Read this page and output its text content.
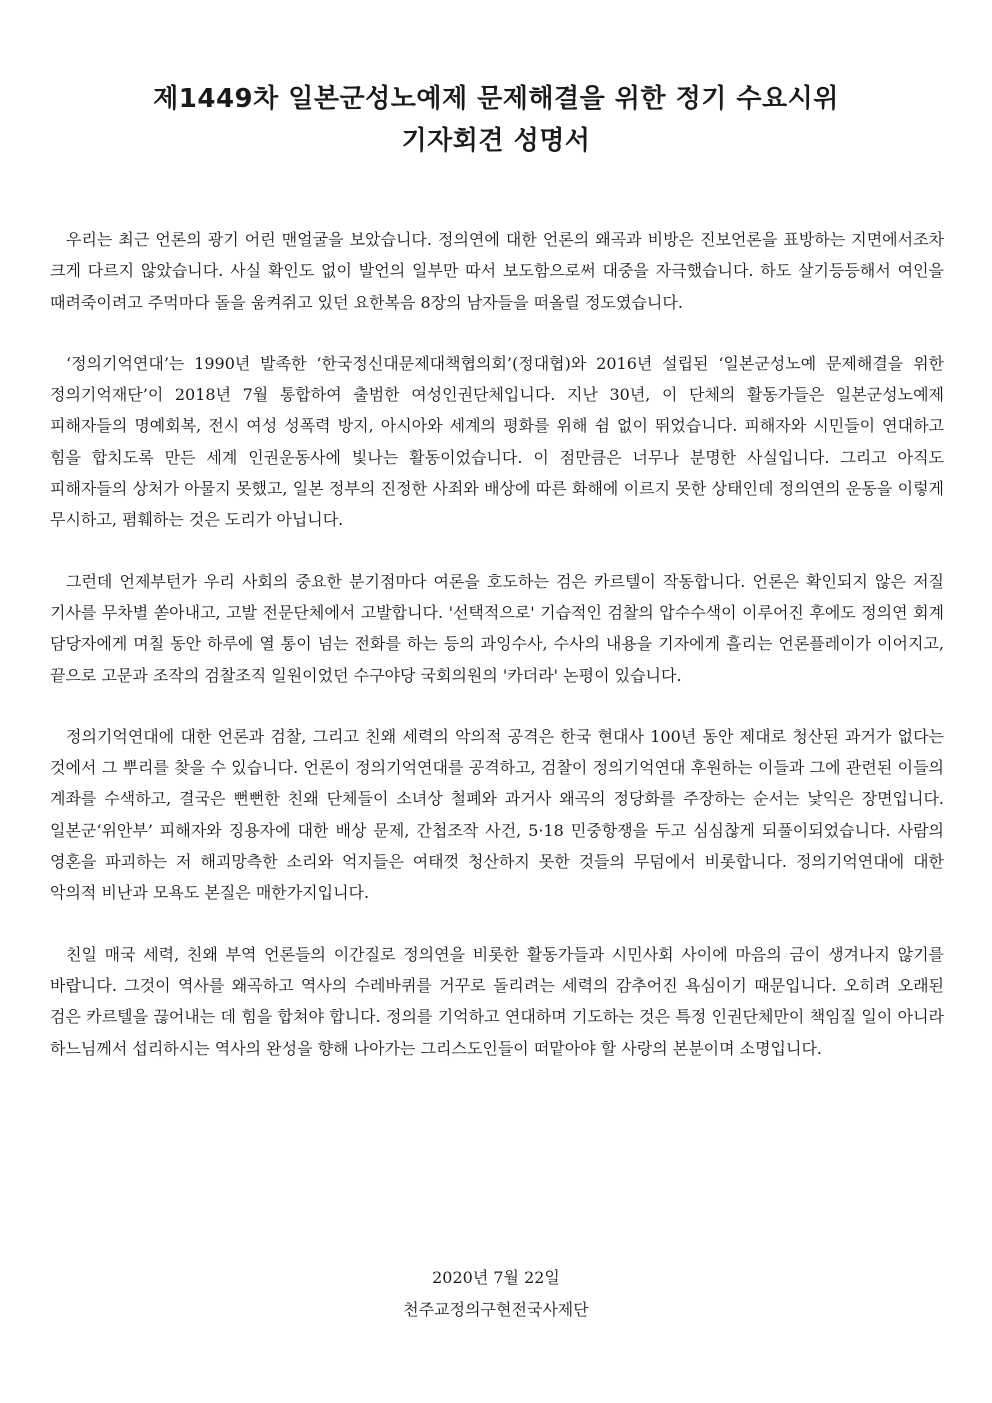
제1449차 일본군성노예제 문제해결을 위한 정기 수요시위
기자회견 성명서

우리는 최근 언론의 광기 어린 맨얼굴을 보았습니다. 정의연에 대한 언론의 왜곡과 비방은 진보언론을 표방하는 지면에서조차 크게 다르지 않았습니다. 사실 확인도 없이 발언의 일부만 따서 보도함으로써 대중을 자극했습니다. 하도 살기등등해서 여인을 때려죽이려고 주먹마다 돌을 움켜쥐고 있던 요한복음 8장의 남자들을 떠올릴 정도였습니다.

‘정의기억연대’는 1990년 발족한 ‘한국정신대문제대책협의회’(정대협)와 2016년 설립된 ‘일본군성노예 문제해결을 위한 정의기억재단’이 2018년 7월 통합하여 출범한 여성인권단체입니다. 지난 30년, 이 단체의 활동가들은 일본군성노예제 피해자들의 명예회복, 전시 여성 성폭력 방지, 아시아와 세계의 평화를 위해 쉼 없이 뛰었습니다. 피해자와 시민들이 연대하고 힘을 합치도록 만든 세계 인권운동사에 빛나는 활동이었습니다. 이 점만큼은 너무나 분명한 사실입니다. 그리고 아직도 피해자들의 상처가 아물지 못했고, 일본 정부의 진정한 사죄와 배상에 따른 화해에 이르지 못한 상태인데 정의연의 운동을 이렇게 무시하고, 폄훼하는 것은 도리가 아닙니다.

그런데 언제부턴가 우리 사회의 중요한 분기점마다 여론을 호도하는 검은 카르텔이 작동합니다. 언론은 확인되지 않은 저질 기사를 무차별 쏟아내고, 고발 전문단체에서 고발합니다. '선택적으로' 기습적인 검찰의 압수수색이 이루어진 후에도 정의연 회계 담당자에게 며칠 동안 하루에 열 통이 넘는 전화를 하는 등의 과잉수사, 수사의 내용을 기자에게 흘리는 언론플레이가 이어지고, 끝으로 고문과 조작의 검찰조직 일원이었던 수구야당 국회의원의 '카더라' 논평이 있습니다.

정의기억연대에 대한 언론과 검찰, 그리고 친왜 세력의 악의적 공격은 한국 현대사 100년 동안 제대로 청산된 과거가 없다는 것에서 그 뿌리를 찾을 수 있습니다. 언론이 정의기억연대를 공격하고, 검찰이 정의기억연대 후원하는 이들과 그에 관련된 이들의 계좌를 수색하고, 결국은 뻔뻔한 친왜 단체들이 소녀상 철폐와 과거사 왜곡의 정당화를 주장하는 순서는 낯익은 장면입니다. 일본군‘위안부’ 피해자와 징용자에 대한 배상 문제, 간첩조작 사건, 5·18 민중항쟁을 두고 심심찮게 되풀이되었습니다. 사람의 영혼을 파괴하는 저 해괴망측한 소리와 억지들은 여태껏 청산하지 못한 것들의 무덤에서 비롯합니다. 정의기억연대에 대한 악의적 비난과 모욕도 본질은 매한가지입니다.

친일 매국 세력, 친왜 부역 언론들의 이간질로 정의연을 비롯한 활동가들과 시민사회 사이에 마음의 금이 생겨나지 않기를 바랍니다. 그것이 역사를 왜곡하고 역사의 수레바퀴를 거꾸로 돌리려는 세력의 감추어진 욕심이기 때문입니다. 오히려 오래된 검은 카르텔을 끊어내는 데 힘을 합쳐야 합니다. 정의를 기억하고 연대하며 기도하는 것은 특정 인권단체만이 책임질 일이 아니라 하느님께서 섭리하시는 역사의 완성을 향해 나아가는 그리스도인들이 떠맡아야 할 사랑의 본분이며 소명입니다.

2020년 7월 22일
천주교정의구현전국사제단
